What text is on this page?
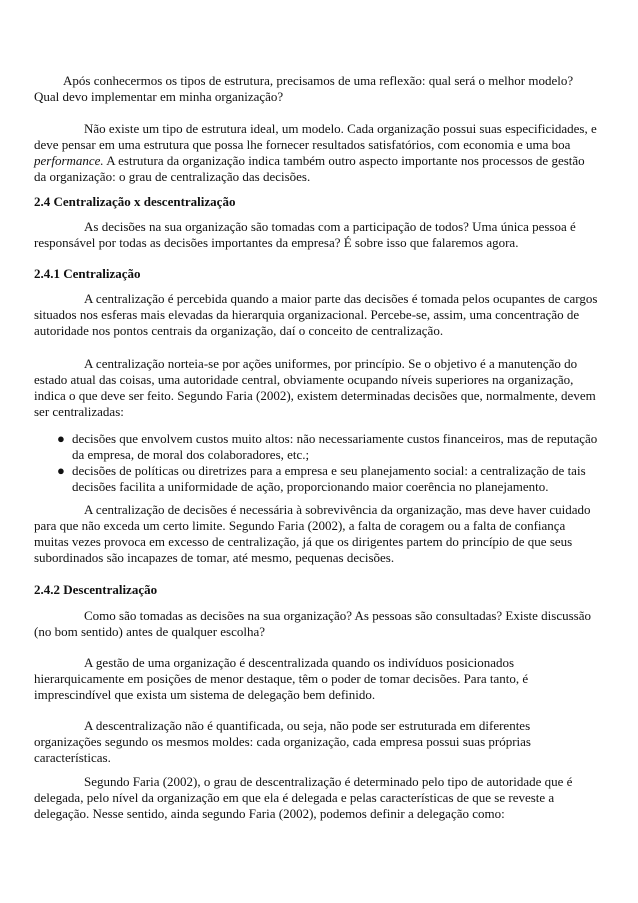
Após conhecermos os tipos de estrutura, precisamos de uma reflexão: qual será o melhor modelo?
Qual devo implementar em minha organização?

Não existe um tipo de estrutura ideal, um modelo. Cada organização possui suas especificidades, e deve pensar em uma estrutura que possa lhe fornecer resultados satisfatórios, com economia e uma boa performance. A estrutura da organização indica também outro aspecto importante nos processos de gestão da organização: o grau de centralização das decisões.

2.4 Centralização x descentralização

As decisões na sua organização são tomadas com a participação de todos? Uma única pessoa é responsável por todas as decisões importantes da empresa? É sobre isso que falaremos agora.

2.4.1 Centralização

A centralização é percebida quando a maior parte das decisões é tomada pelos ocupantes de cargos situados nos esferas mais elevadas da hierarquia organizacional. Percebe-se, assim, uma concentração de autoridade nos pontos centrais da organização, daí o conceito de centralização.

A centralização norteia-se por ações uniformes, por princípio. Se o objetivo é a manutenção do estado atual das coisas, uma autoridade central, obviamente ocupando níveis superiores na organização, indica o que deve ser feito. Segundo Faria (2002), existem determinadas decisões que, normalmente, devem ser centralizadas:

● decisões que envolvem custos muito altos: não necessariamente custos financeiros, mas de reputação da empresa, de moral dos colaboradores, etc.;
● decisões de políticas ou diretrizes para a empresa e seu planejamento social: a centralização de tais decisões facilita a uniformidade de ação, proporcionando maior coerência no planejamento.

A centralização de decisões é necessária à sobrevivência da organização, mas deve haver cuidado para que não exceda um certo limite. Segundo Faria (2002), a falta de coragem ou a falta de confiança muitas vezes provoca em excesso de centralização, já que os dirigentes partem do princípio de que seus subordinados são incapazes de tomar, até mesmo, pequenas decisões.

2.4.2 Descentralização

Como são tomadas as decisões na sua organização? As pessoas são consultadas? Existe discussão (no bom sentido) antes de qualquer escolha?

A gestão de uma organização é descentralizada quando os indivíduos posicionados hierarquicamente em posições de menor destaque, têm o poder de tomar decisões. Para tanto, é imprescindível que exista um sistema de delegação bem definido.

A descentralização não é quantificada, ou seja, não pode ser estruturada em diferentes organizações segundo os mesmos moldes: cada organização, cada empresa possui suas próprias características.

Segundo Faria (2002), o grau de descentralização é determinado pelo tipo de autoridade que é delegada, pelo nível da organização em que ela é delegada e pelas características de que se reveste a delegação. Nesse sentido, ainda segundo Faria (2002), podemos definir a delegação como:
